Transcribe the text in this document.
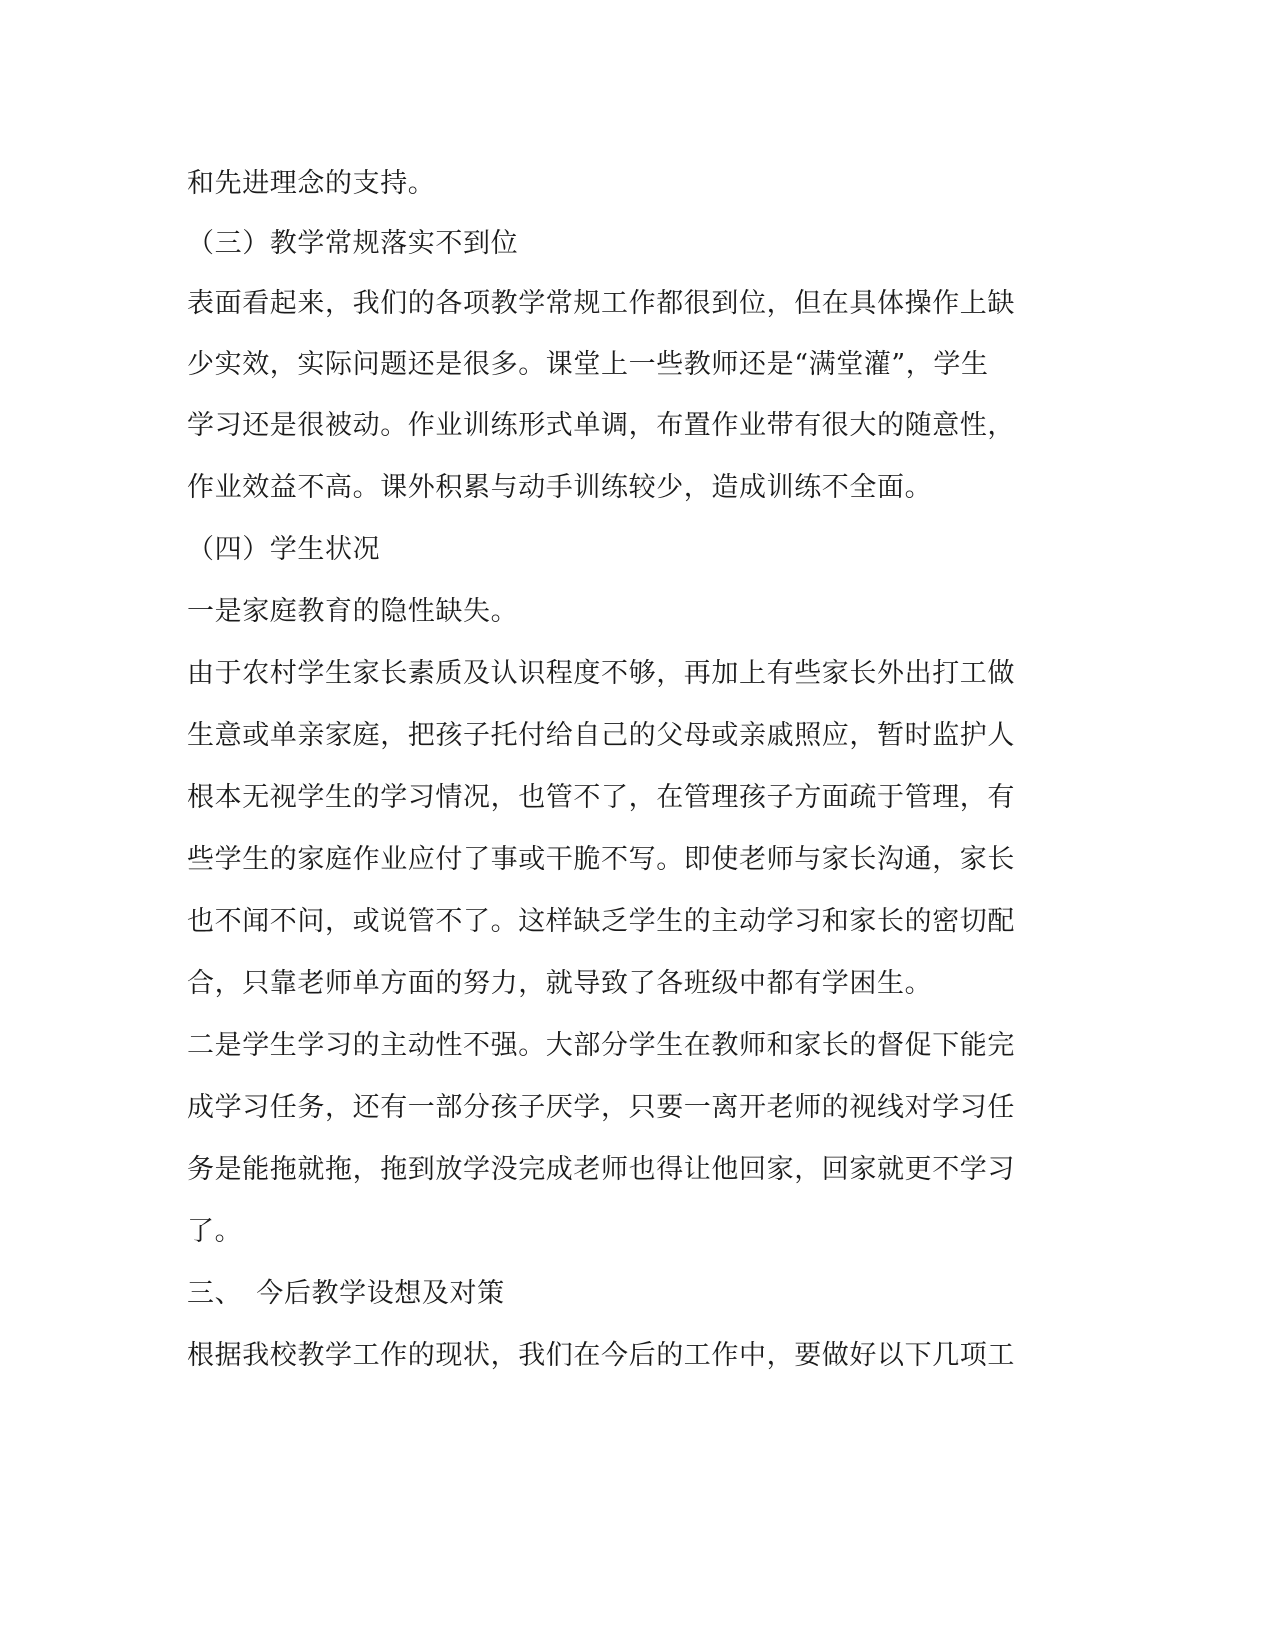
和先进理念的支持。
（三）教学常规落实不到位
表面看起来，我们的各项教学常规工作都很到位，但在具体操作上缺
少实效，实际问题还是很多。课堂上一些教师还是“满堂灌”，学生
学习还是很被动。作业训练形式单调，布置作业带有很大的随意性，
作业效益不高。课外积累与动手训练较少，造成训练不全面。
（四）学生状况
一是家庭教育的隐性缺失。
由于农村学生家长素质及认识程度不够，再加上有些家长外出打工做
生意或单亲家庭，把孩子托付给自己的父母或亲戚照应，暂时监护人
根本无视学生的学习情况，也管不了，在管理孩子方面疏于管理，有
些学生的家庭作业应付了事或干脆不写。即使老师与家长沟通，家长
也不闻不问，或说管不了。这样缺乏学生的主动学习和家长的密切配
合，只靠老师单方面的努力，就导致了各班级中都有学困生。
二是学生学习的主动性不强。大部分学生在教师和家长的督促下能完
成学习任务，还有一部分孩子厌学，只要一离开老师的视线对学习任
务是能拖就拖，拖到放学没完成老师也得让他回家，回家就更不学习
了。
三、　今后教学设想及对策
根据我校教学工作的现状，我们在今后的工作中，要做好以下几项工
